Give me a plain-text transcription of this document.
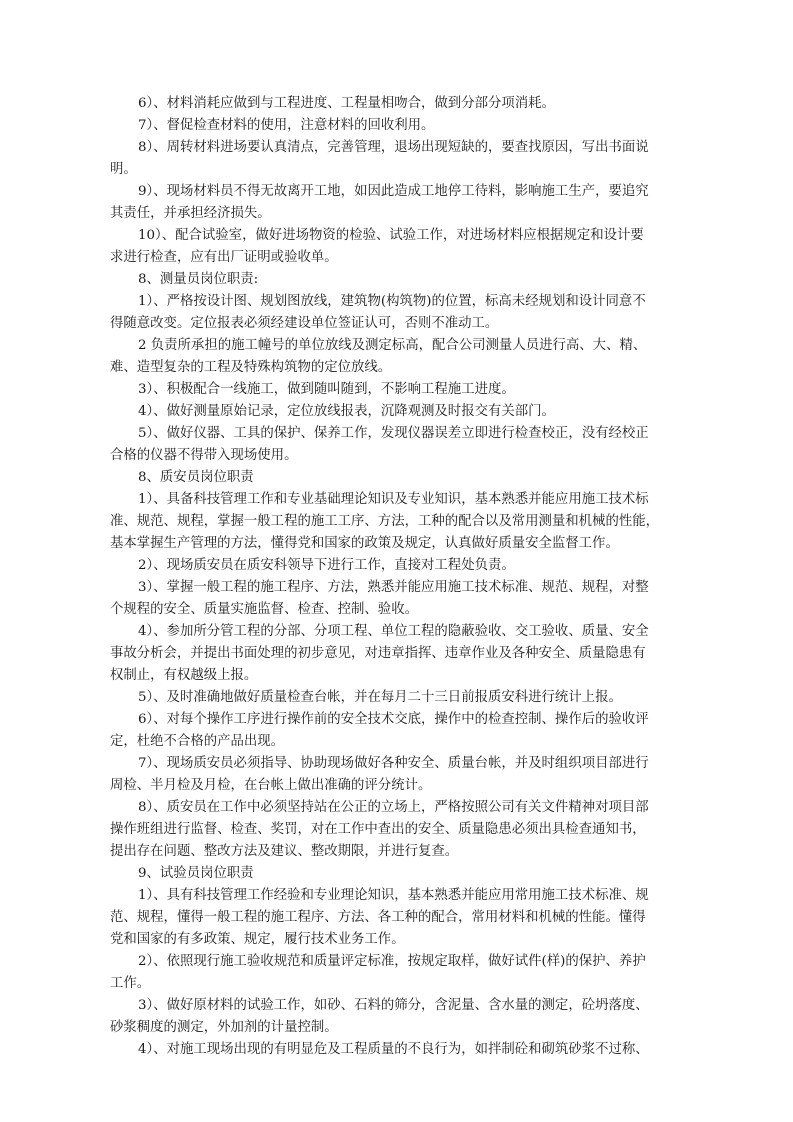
6）、材料消耗应做到与工程进度、工程量相吻合，做到分部分项消耗。
7）、督促检查材料的使用，注意材料的回收利用。
8）、周转材料进场要认真清点，完善管理，退场出现短缺的，要查找原因，写出书面说
明。
9）、现场材料员不得无故离开工地，如因此造成工地停工待料，影响施工生产，要追究
其责任，并承担经济损失。
10）、配合试验室，做好进场物资的检验、试验工作，对进场材料应根据规定和设计要
求进行检查，应有出厂证明或验收单。
8、测量员岗位职责:
1）、严格按设计图、规划图放线，建筑物(构筑物)的位置，标高未经规划和设计同意不
得随意改变。定位报表必须经建设单位签证认可，否则不准动工。
2 负责所承担的施工幢号的单位放线及测定标高，配合公司测量人员进行高、大、精、
难、造型复杂的工程及特殊构筑物的定位放线。
3）、积极配合一线施工，做到随叫随到，不影响工程施工进度。
4）、做好测量原始记录，定位放线报表，沉降观测及时报交有关部门。
5）、做好仪器、工具的保护、保养工作，发现仪器误差立即进行检查校正，没有经校正
合格的仪器不得带入现场使用。
8、质安员岗位职责
1）、具备科技管理工作和专业基础理论知识及专业知识，基本熟悉并能应用施工技术标
准、规范、规程，掌握一般工程的施工工序、方法，工种的配合以及常用测量和机械的性能，
基本掌握生产管理的方法，懂得党和国家的政策及规定，认真做好质量安全监督工作。
2）、现场质安员在质安科领导下进行工作，直接对工程处负责。
3）、掌握一般工程的施工程序、方法，熟悉并能应用施工技术标准、规范、规程，对整
个规程的安全、质量实施监督、检查、控制、验收。
4）、参加所分管工程的分部、分项工程、单位工程的隐蔽验收、交工验收、质量、安全
事故分析会，并提出书面处理的初步意见，对违章指挥、违章作业及各种安全、质量隐患有
权制止，有权越级上报。
5）、及时准确地做好质量检查台帐，并在每月二十三日前报质安科进行统计上报。
6）、对每个操作工序进行操作前的安全技术交底，操作中的检查控制、操作后的验收评
定，杜绝不合格的产品出现。
7）、现场质安员必须指导、协助现场做好各种安全、质量台帐，并及时组织项目部进行
周检、半月检及月检，在台帐上做出准确的评分统计。
8）、质安员在工作中必须坚持站在公正的立场上，严格按照公司有关文件精神对项目部
操作班组进行监督、检查、奖罚，对在工作中查出的安全、质量隐患必须出具检查通知书，
提出存在问题、整改方法及建议、整改期限，并进行复查。
9、试验员岗位职责
1）、具有科技管理工作经验和专业理论知识，基本熟悉并能应用常用施工技术标准、规
范、规程，懂得一般工程的施工程序、方法、各工种的配合，常用材料和机械的性能。懂得
党和国家的有多政策、规定，履行技术业务工作。
2）、依照现行施工验收规范和质量评定标准，按规定取样，做好试件(样)的保护、养护
工作。
3）、做好原材料的试验工作，如砂、石料的筛分，含泥量、含水量的测定，砼坍落度、
砂浆稠度的测定，外加剂的计量控制。
4）、对施工现场出现的有明显危及工程质量的不良行为，如拌制砼和砌筑砂浆不过称、
